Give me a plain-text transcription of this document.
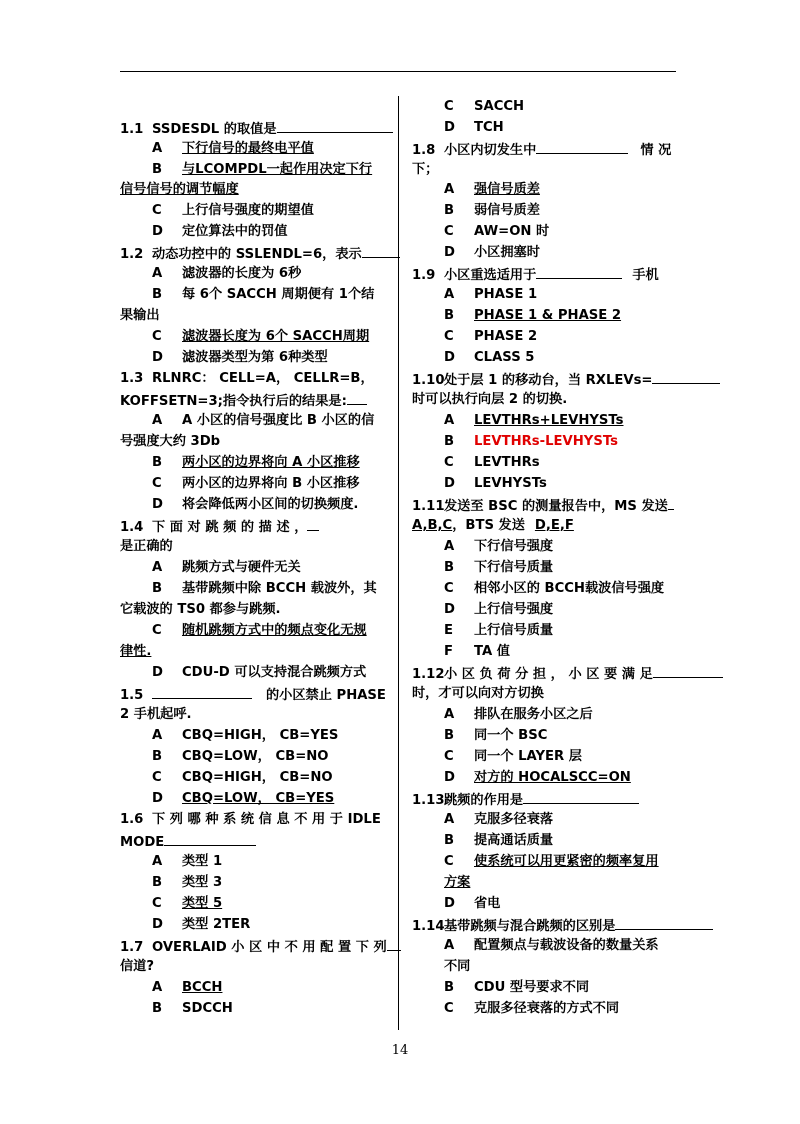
1.1 SSDESDL 的取值是
A 下行信号的最终电平值
B 与LCOMPDL一起作用决定下行
信号信号的调节幅度
C 上行信号强度的期望值
D 定位算法中的罚值
1.2 动态功控中的 SSLENDL=6，表示
A 滤波器的长度为 6秒
B 每 6个 SACCH 周期便有 1个结
果输出
C 滤波器长度为 6个 SACCH周期
D 滤波器类型为第 6种类型
1.3 RLNRC： CELL=A， CELLR=B，
KOFFSETN=3;指令执行后的结果是:
A A 小区的信号强度比 B 小区的信
号强度大约 3Db
B 两小区的边界将向 A 小区推移
C 两小区的边界将向 B 小区推移
D 将会降低两小区间的切换频度.
1.4 下 面 对 跳 频 的 描 述 ，
是正确的
A 跳频方式与硬件无关
B 基带跳频中除 BCCH 载波外，其
它载波的 TS0 都参与跳频.
C 随机跳频方式中的频点变化无规
律性.
D CDU-D 可以支持混合跳频方式
1.5	的小区禁止 PHASE
2 手机起呼.
A CBQ=HIGH， CB=YES
B CBQ=LOW， CB=NO
C CBQ=HIGH， CB=NO
D CBQ=LOW， CB=YES
1.6 下 列 哪 种 系 统 信 息 不 用 于 IDLE
MODE
A 类型 1
B 类型 3
C 类型 5
D 类型 2TER
1.7 OVERLAID 小 区 中 不 用 配 置 下 列
信道?
A BCCH
B SDCCH
C SACCH
D TCH
1.8 小区内切发生中	情 况
下；
A 强信号质差
B 弱信号质差
C AW=ON 时
D 小区拥塞时
1.9 小区重选适用于	手机
A PHASE 1
B PHASE 1 & PHASE 2
C PHASE 2
D CLASS 5
1.10处于层 1 的移动台，当 RXLEVs=
时可以执行向层 2 的切换.
A LEVTHRs+LEVHYSTs
B LEVTHRs-LEVHYSTs
C LEVTHRs
D LEVHYSTs
1.11发送至 BSC 的测量报告中，MS 发送
A,B,C，BTS 发送 D,E,F
A 下行信号强度
B 下行信号质量
C 相邻小区的 BCCH载波信号强度
D 上行信号强度
E 上行信号质量
F TA 值
1.12小 区 负 荷 分 担 ， 小 区 要 满 足
时，才可以向对方切换
A 排队在服务小区之后
B 同一个 BSC
C 同一个 LAYER 层
D 对方的 HOCALSCC=ON
1.13跳频的作用是
A 克服多径衰落
B 提高通话质量
C 使系统可以用更紧密的频率复用
方案
D 省电
1.14基带跳频与混合跳频的区别是
A 配置频点与载波设备的数量关系
不同
B CDU 型号要求不同
C 克服多径衰落的方式不同
14
